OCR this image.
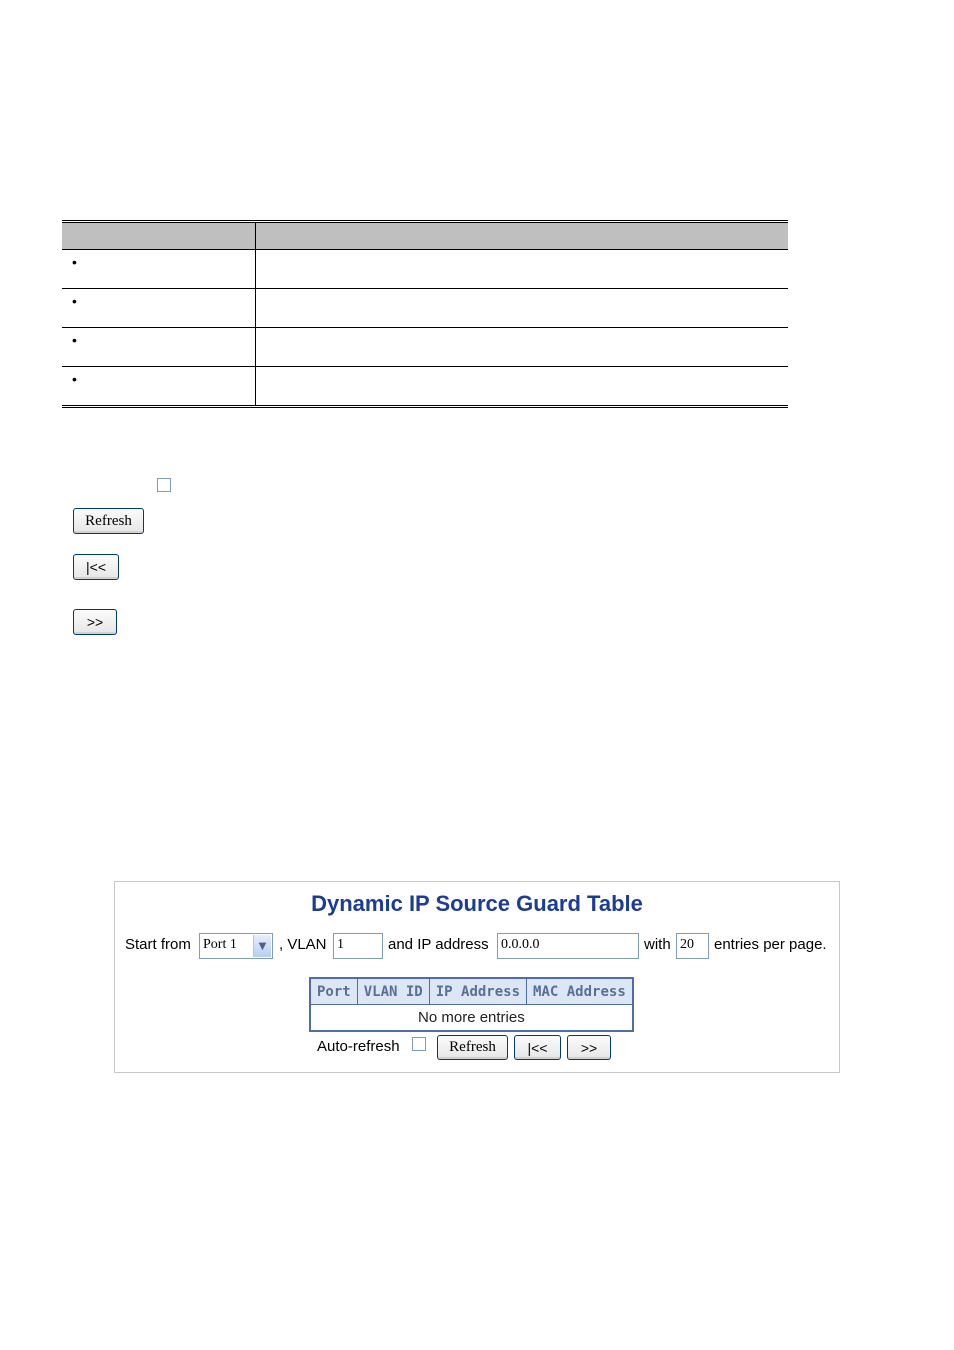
•	
•	
•	
•	
Refresh
|<<
>>
Dynamic IP Source Guard Table
Start from Port 1	▼ , VLAN 1	and IP address 0.0.0.0	with 20	entries per page.
Port	VLAN ID	IP Address	MAC Address
No more entries
Auto-refresh	Refresh	|<<	>>
